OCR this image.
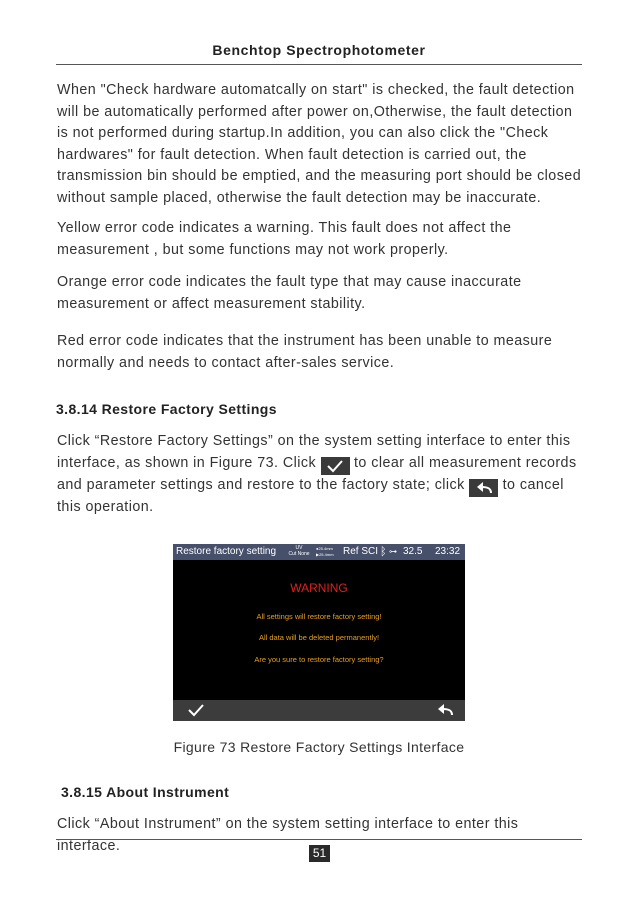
Benchtop Spectrophotometer

When "Check hardware automatcally on start" is checked, the fault detection will be automatically performed after power on,Otherwise, the fault detection is not performed during startup.In addition, you can also click the "Check hardwares" for fault detection. When fault detection is carried out, the transmission bin should be emptied, and the measuring port should be closed without sample placed, otherwise the fault detection may be inaccurate.

Yellow error code indicates a warning. This fault does not affect the measurement , but some functions may not work properly.

Orange error code indicates the fault type that may cause inaccurate measurement or affect measurement stability.

Red error code indicates that the instrument has been unable to measure normally and needs to contact after-sales service.

3.8.14 Restore Factory Settings

Click “Restore Factory Settings” on the system setting interface to enter this interface, as shown in Figure 73. Click  to clear all measurement records and parameter settings and restore to the factory state; click  to cancel this operation.

Restore factory setting	UV
Cut None
●25.4mm
▶25.4mm Ref SCI ᛒ ⊶ 32.5 23:32
WARNING
All settings will restore factory setting!
All data will be deleted permanently!
Are you sure to restore factory setting?
Figure 73 Restore Factory Settings Interface
3.8.15 About Instrument

Click “About Instrument” on the system setting interface to enter this interface.	51
